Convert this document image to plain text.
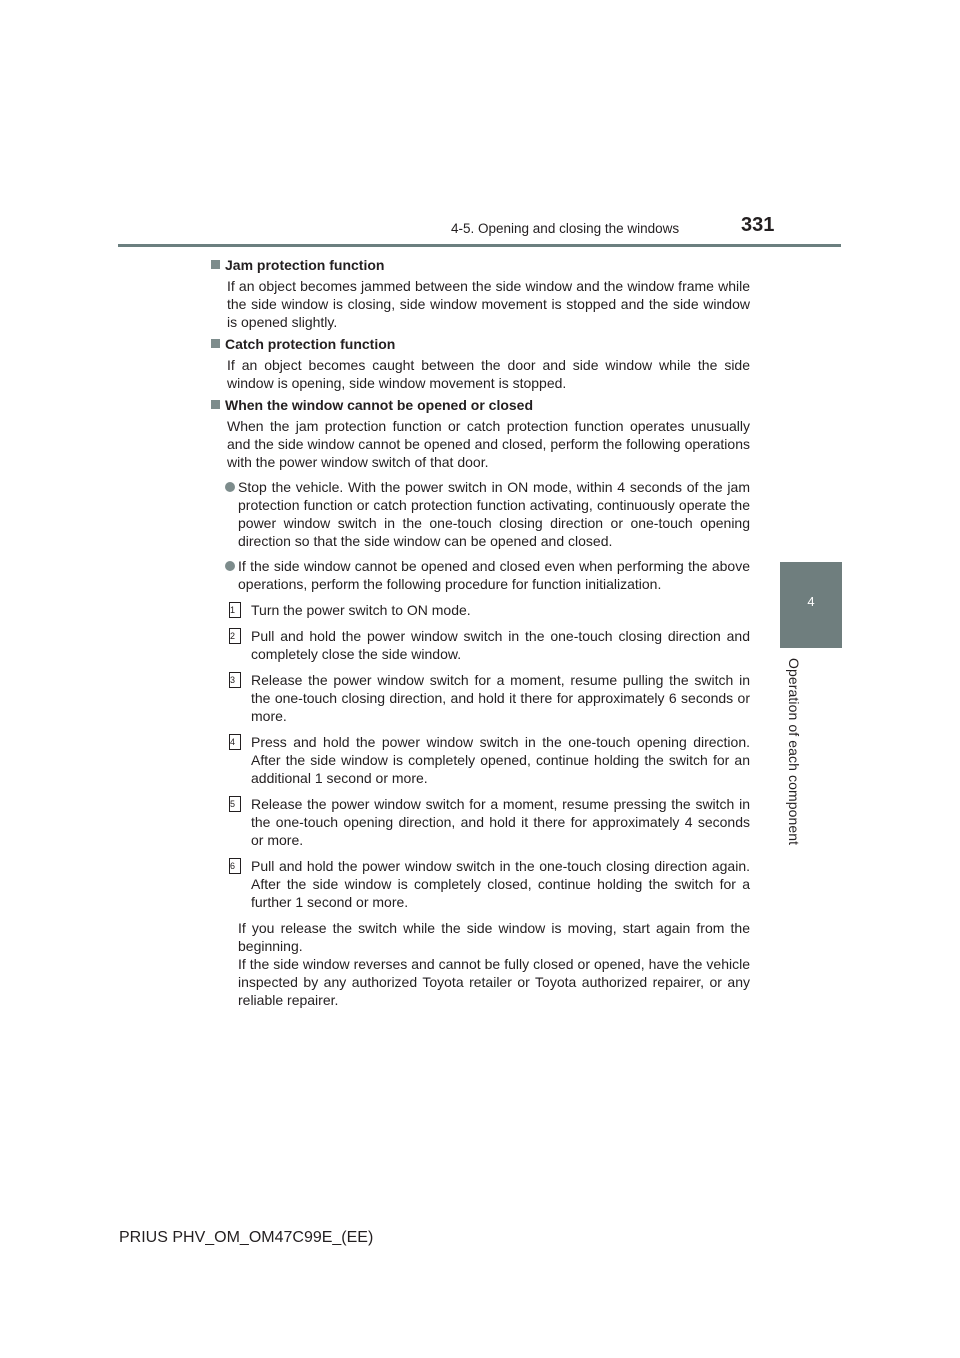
4-5. Opening and closing the windows	331
4
Operation of each component
Jam protection function
If an object becomes jammed between the side window and the window frame while the side window is closing, side window movement is stopped and the side window is opened slightly.
Catch protection function
If an object becomes caught between the door and side window while the side window is opening, side window movement is stopped.
When the window cannot be opened or closed
When the jam protection function or catch protection function operates unusually and the side window cannot be opened and closed, perform the following operations with the power window switch of that door.
Stop the vehicle. With the power switch in ON mode, within 4 seconds of the jam protection function or catch protection function activating, continuously operate the power window switch in the one-touch closing direction or one-touch opening direction so that the side window can be opened and closed.
If the side window cannot be opened and closed even when performing the above operations, perform the following procedure for function initialization.
1	Turn the power switch to ON mode.
2	Pull and hold the power window switch in the one-touch closing direction and completely close the side window.
3	Release the power window switch for a moment, resume pulling the switch in the one-touch closing direction, and hold it there for approximately 6 seconds or more.
4	Press and hold the power window switch in the one-touch opening direction. After the side window is completely opened, continue holding the switch for an additional 1 second or more.
5	Release the power window switch for a moment, resume pressing the switch in the one-touch opening direction, and hold it there for approximately 4 seconds or more.
6	Pull and hold the power window switch in the one-touch closing direction again. After the side window is completely closed, continue holding the switch for a further 1 second or more.
If you release the switch while the side window is moving, start again from the beginning.
If the side window reverses and cannot be fully closed or opened, have the vehicle inspected by any authorized Toyota retailer or Toyota authorized repairer, or any reliable repairer.
PRIUS PHV_OM_OM47C99E_(EE)
